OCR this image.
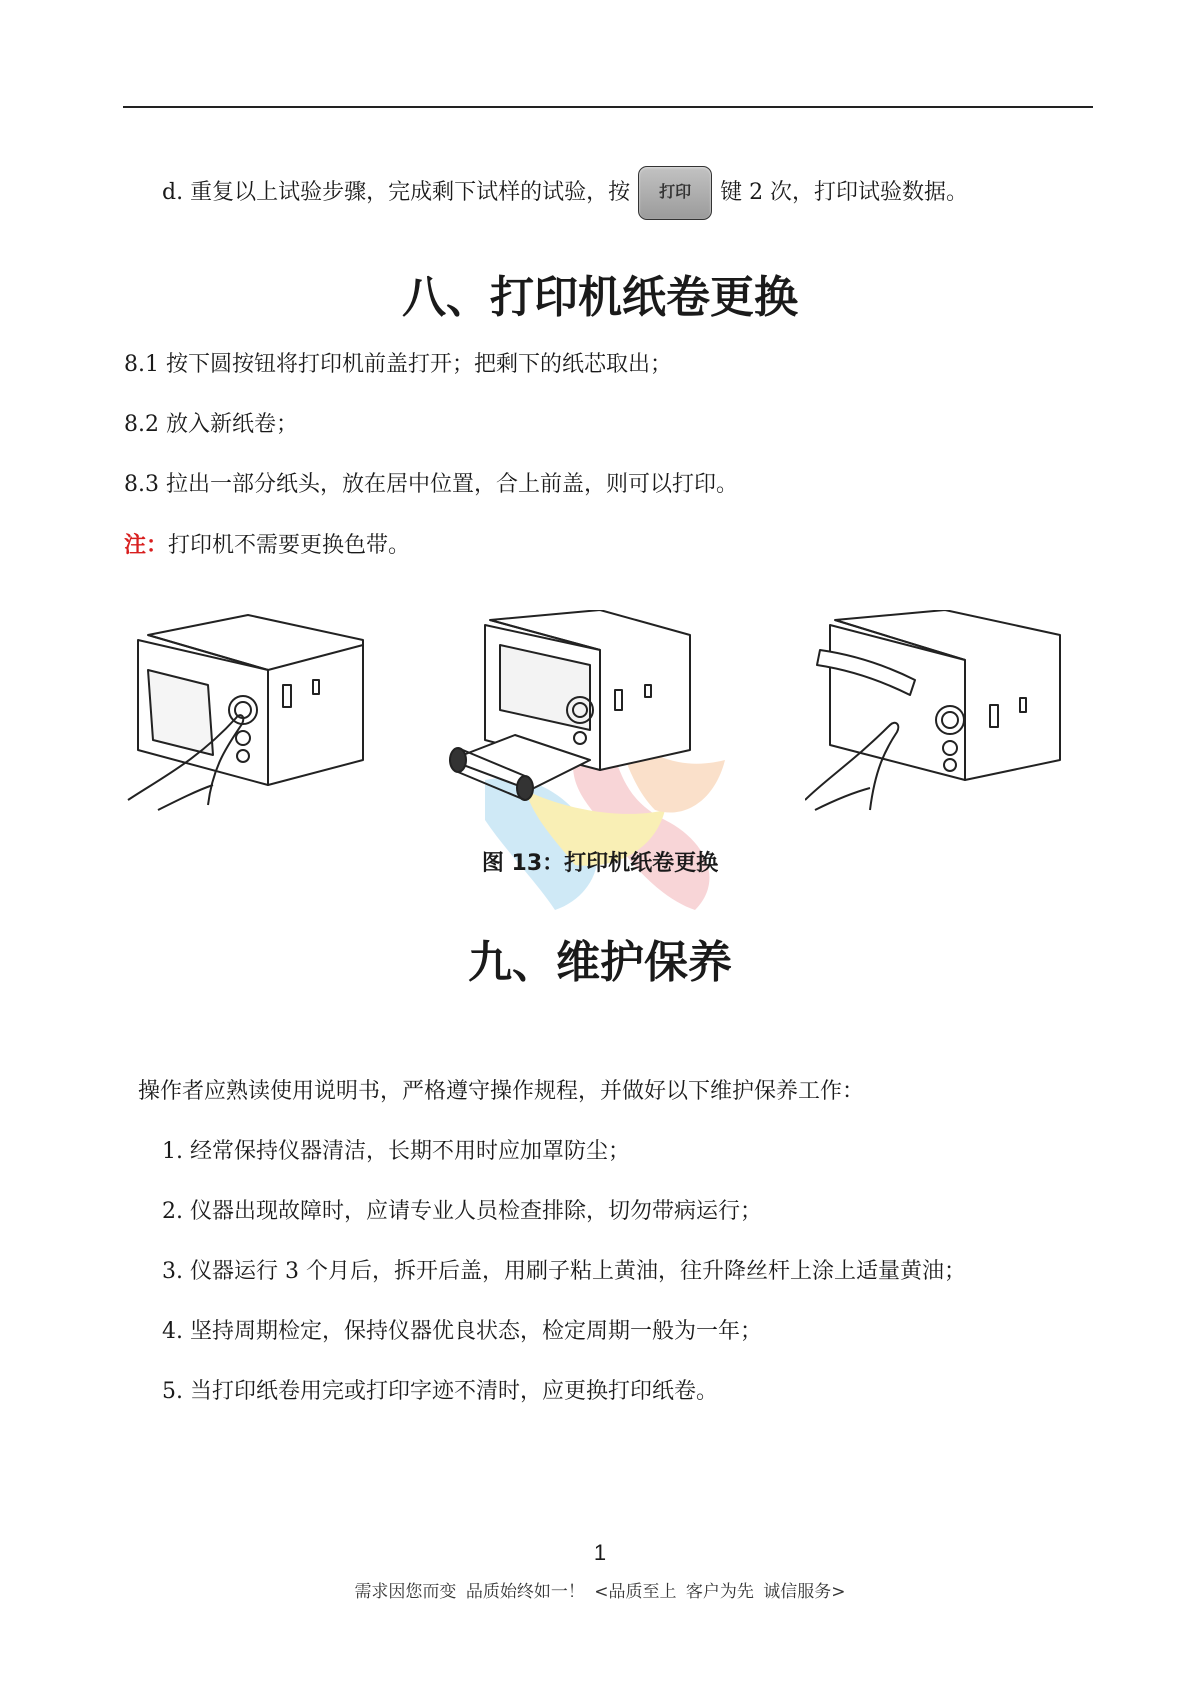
d. 重复以上试验步骤，完成剩下试样的试验，按 打印 键 2 次，打印试验数据。
八、打印机纸卷更换
8.1 按下圆按钮将打印机前盖打开；把剩下的纸芯取出；
8.2 放入新纸卷；
8.3 拉出一部分纸头，放在居中位置，合上前盖，则可以打印。
注：打印机不需要更换色带。
图 13：打印机纸卷更换
九、维护保养
操作者应熟读使用说明书，严格遵守操作规程，并做好以下维护保养工作：
1. 经常保持仪器清洁，长期不用时应加罩防尘；
2. 仪器出现故障时，应请专业人员检查排除，切勿带病运行；
3. 仪器运行 3 个月后，拆开后盖，用刷子粘上黄油，往升降丝杆上涂上适量黄油；
4. 坚持周期检定，保持仪器优良状态，检定周期一般为一年；
5. 当打印纸卷用完或打印字迹不清时，应更换打印纸卷。
1
需求因您而变 品质始终如一！ <品质至上 客户为先 诚信服务>
